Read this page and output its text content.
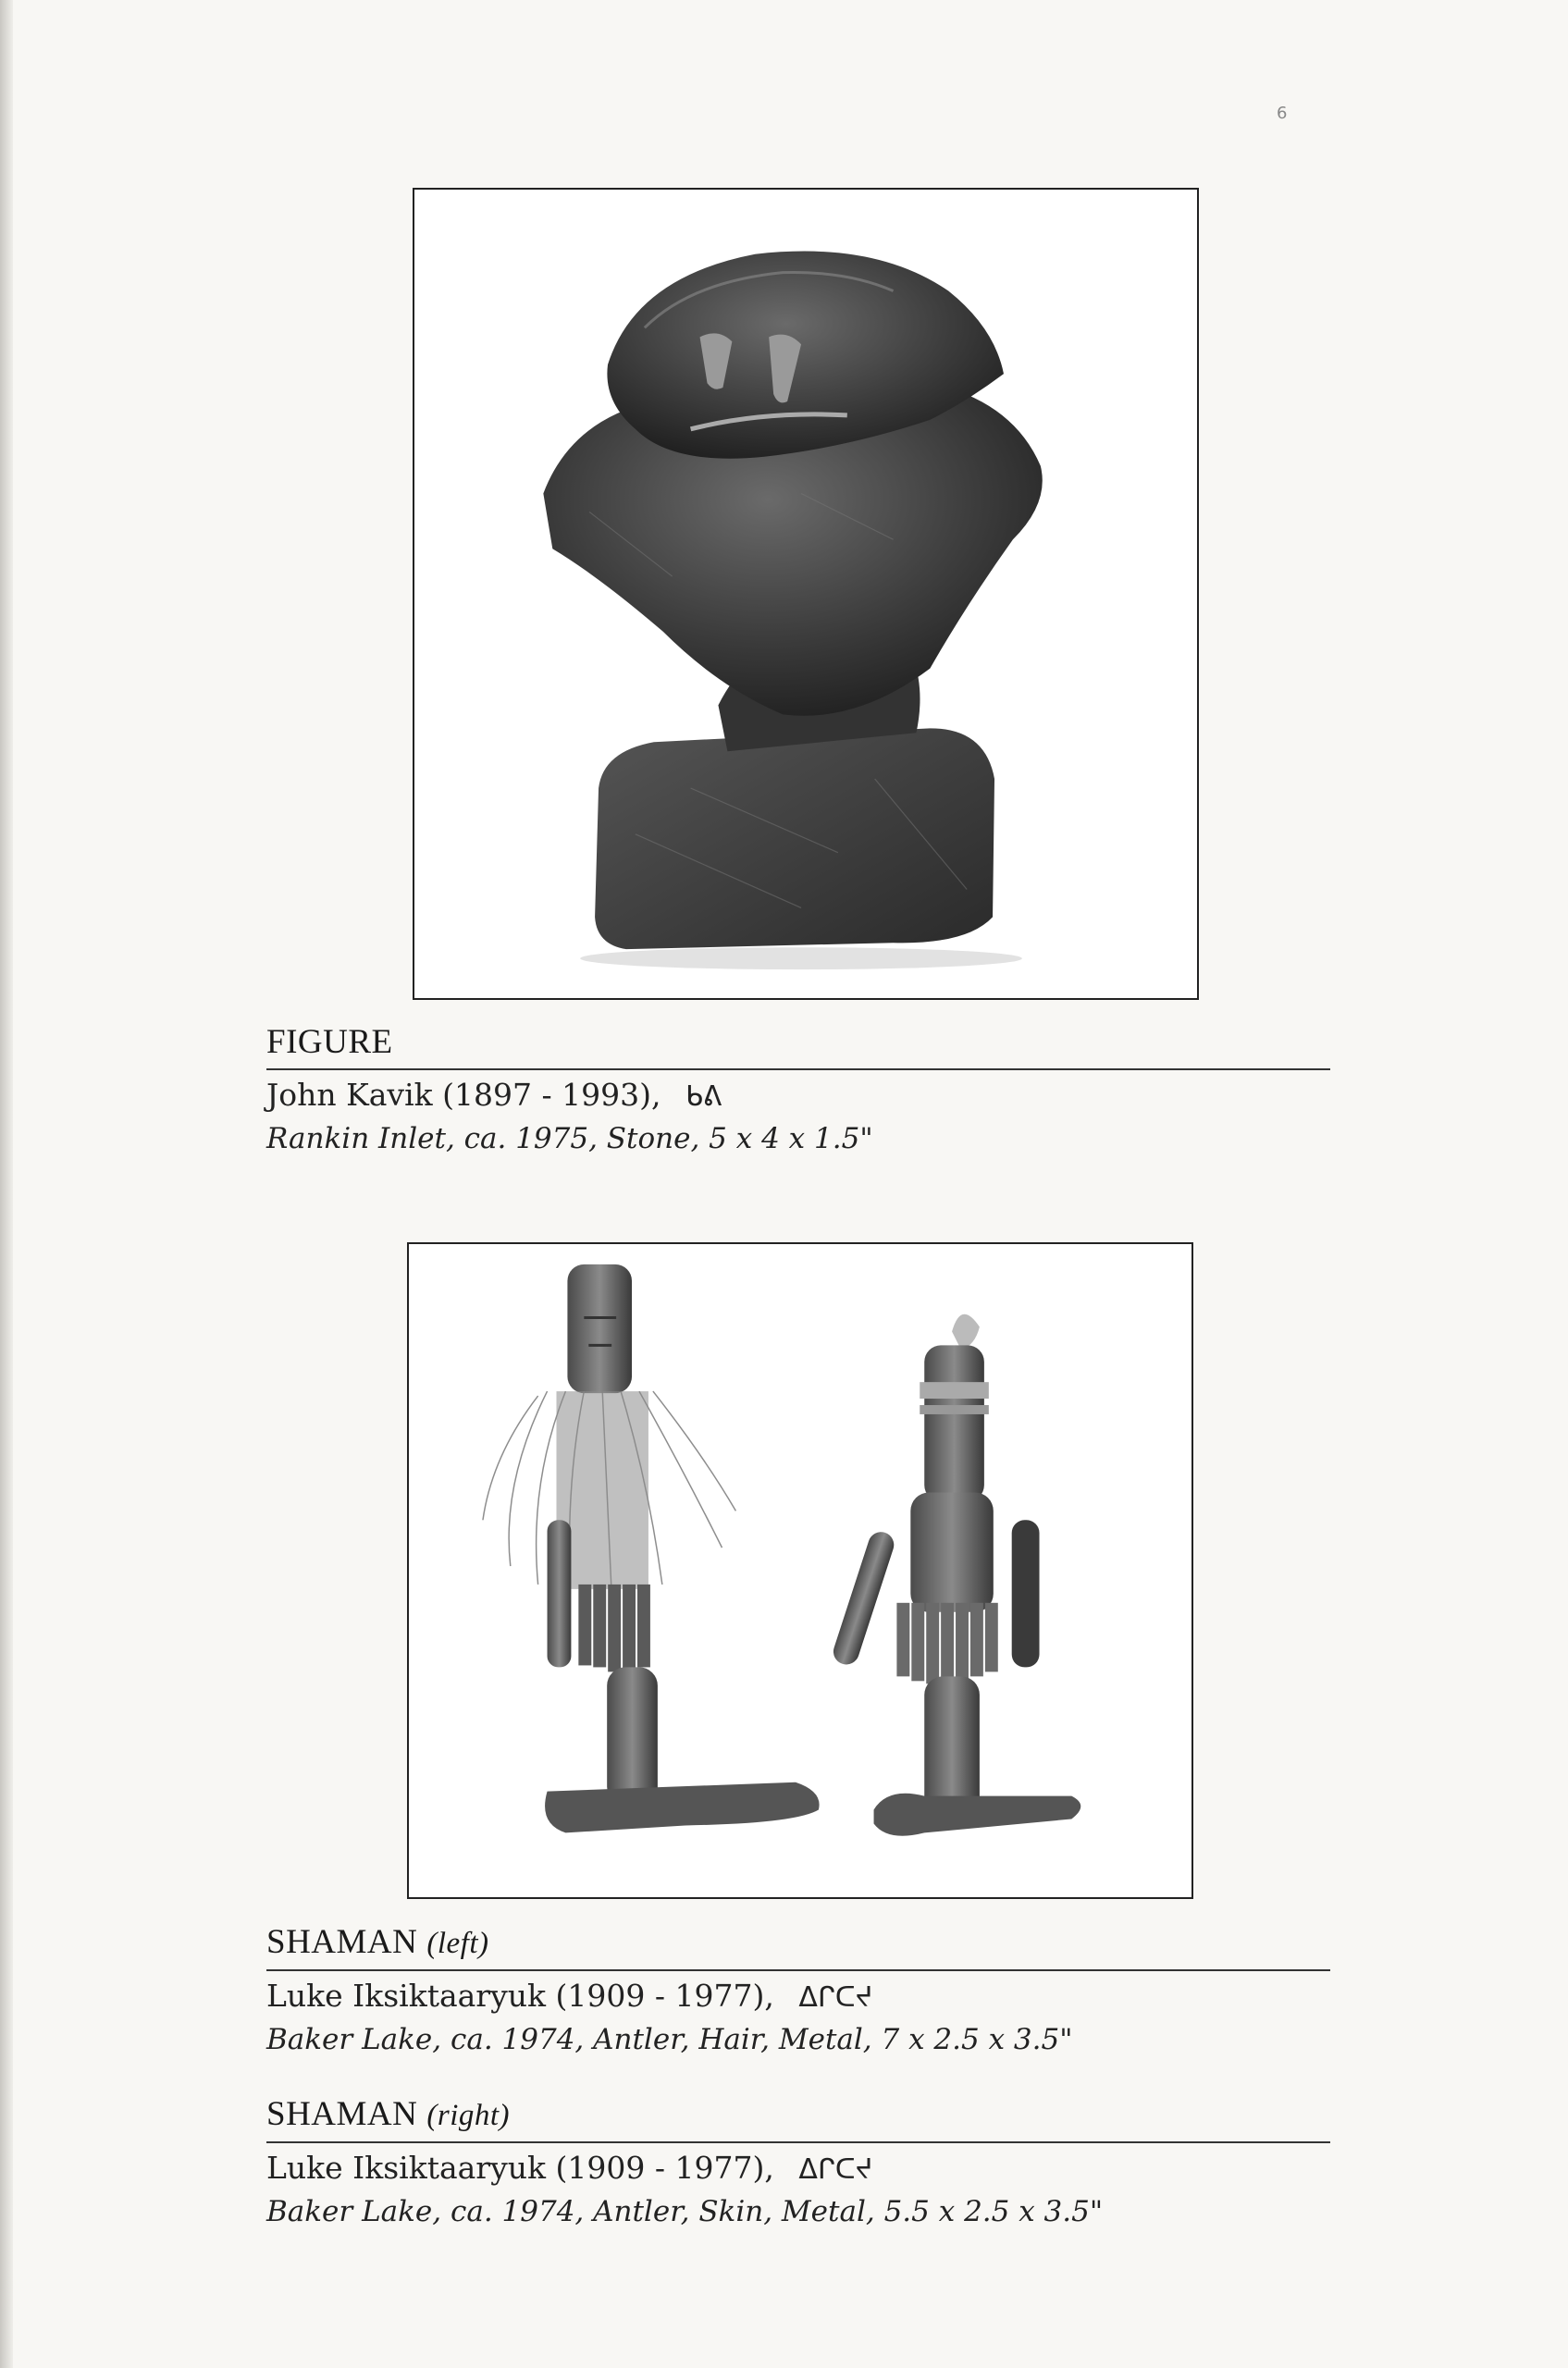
6
FIGURE
John Kavik (1897 - 1993), ᑲᕕ
Rankin Inlet, ca. 1975, Stone, 5 x 4 x 1.5"
SHAMAN (left)
Luke Iksiktaaryuk (1909 - 1977), ᐃᒋᑕᔪ
Baker Lake, ca. 1974, Antler, Hair, Metal, 7 x 2.5 x 3.5"
SHAMAN (right)
Luke Iksiktaaryuk (1909 - 1977), ᐃᒋᑕᔪ
Baker Lake, ca. 1974, Antler, Skin, Metal, 5.5 x 2.5 x 3.5"
